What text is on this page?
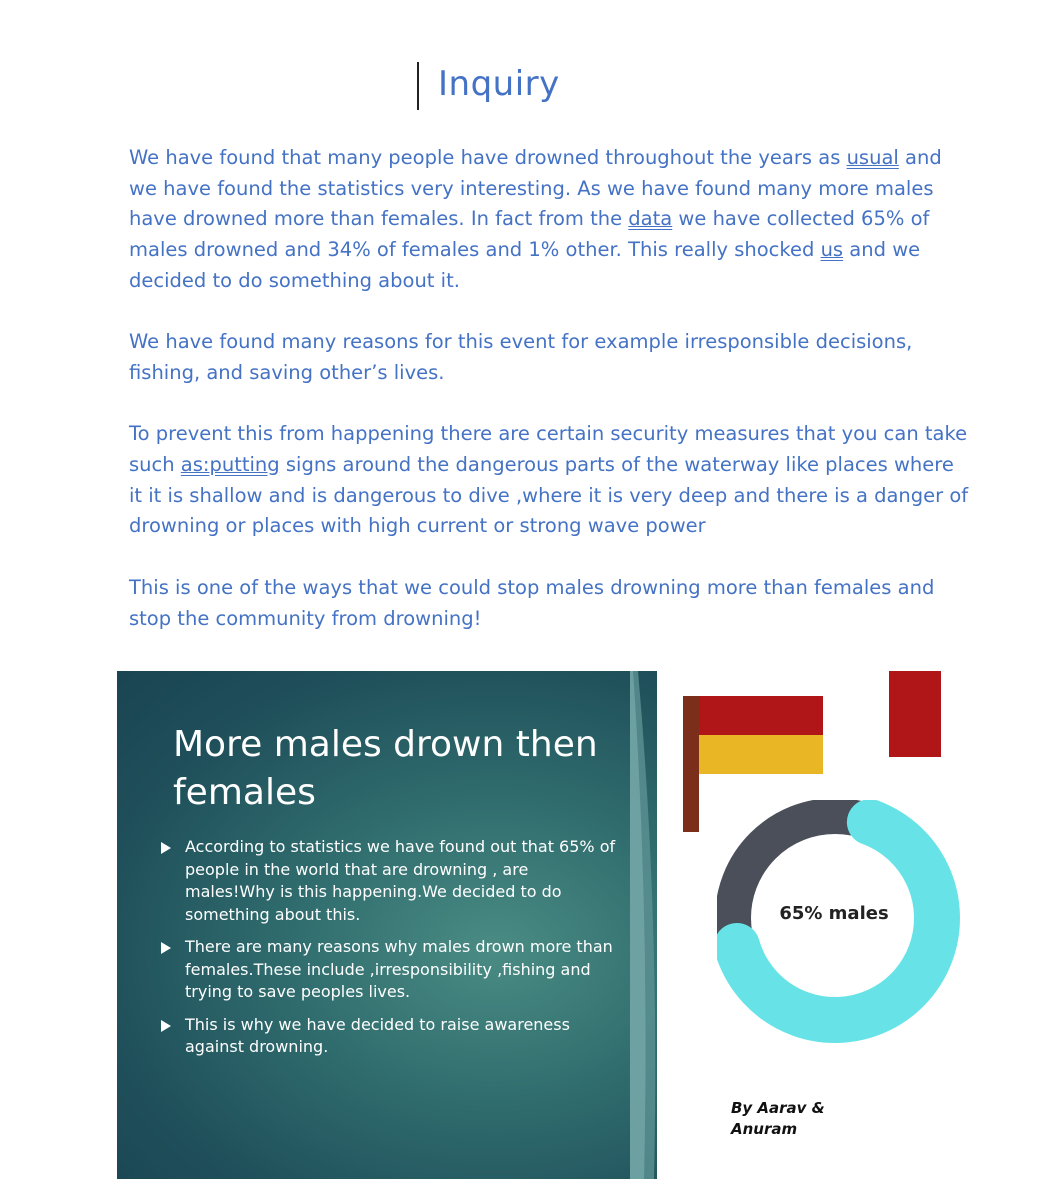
Inquiry

We have found that many people have drowned throughout the years as usual and we have found the statistics very interesting. As we have found many more males have drowned more than females. In fact from the data we have collected 65% of males drowned and 34% of females and 1% other. This really shocked us and we decided to do something about it.

We have found many reasons for this event for example irresponsible decisions, fishing, and saving other’s lives.

To prevent this from happening there are certain security measures that you can take such as:putting signs around the dangerous parts of the waterway like places where it it is shallow and is dangerous to dive ,where it is very deep and there is a danger of drowning or places with high current or strong wave power

This is one of the ways that we could stop males drowning more than females and stop the community from drowning!

More males drown then females
According to statistics we have found out that 65% of people in the world that are drowning , are males!Why is this happening.We decided to do something about this.
There are many reasons why males drown more than females.These include ,irresponsibility ,fishing and trying to save peoples lives.
This is why we have decided to raise awareness against drowning.
65% males
By Aarav & Anuram
